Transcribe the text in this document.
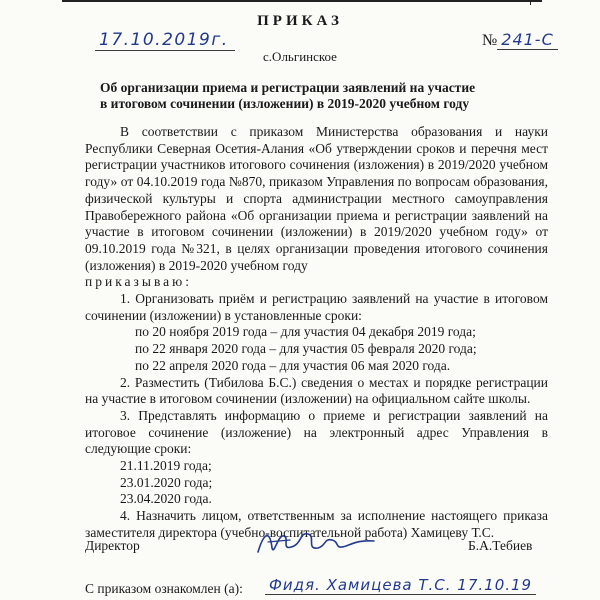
ПРИКАЗ
17.10.2019г.	№ 241-С
с.Ольгинское
Об организации приема и регистрации заявлений на участие
в итоговом сочинении (изложении) в 2019-2020 учебном году

В соответствии с приказом Министерства образования и науки Республики Северная Осетия-Алания «Об утверждении сроков и перечня мест регистрации участников итогового сочинения (изложения) в 2019/2020 учебном году» от 04.10.2019 года №870, приказом Управления по вопросам образования, физической культуры и спорта администрации местного самоуправления Правобережного района «Об организации приема и регистрации заявлений на участие в итоговом сочинении (изложении) в 2019/2020 учебном году» от 09.10.2019 года №321, в целях организации проведения итогового сочинения (изложения) в 2019-2020 учебном году

приказываю:

1. Организовать приём и регистрацию заявлений на участие в итоговом сочинении (изложении) в установленные сроки:

по 20 ноября 2019 года – для участия 04 декабря 2019 года;

по 22 января 2020 года – для участия 05 февраля 2020 года;

по 22 апреля 2020 года – для участия 06 мая 2020 года.

2. Разместить (Тибилова Б.С.) сведения о местах и порядке регистрации на участие в итоговом сочинении (изложении) на официальном сайте школы.

3. Представлять информацию о приеме и регистрации заявлений на итоговое сочинение (изложение) на электронный адрес Управления в следующие сроки:

21.11.2019 года;

23.01.2020 года;

23.04.2020 года.

4. Назначить лицом, ответственным за исполнение настоящего приказа заместителя директора (учебно-воспитательной работа) Хамицеву Т.С.

Директор	Б.А.Тебиев
С приказом ознакомлен (а): Фидя. Хамицева Т.С. 17.10.19
